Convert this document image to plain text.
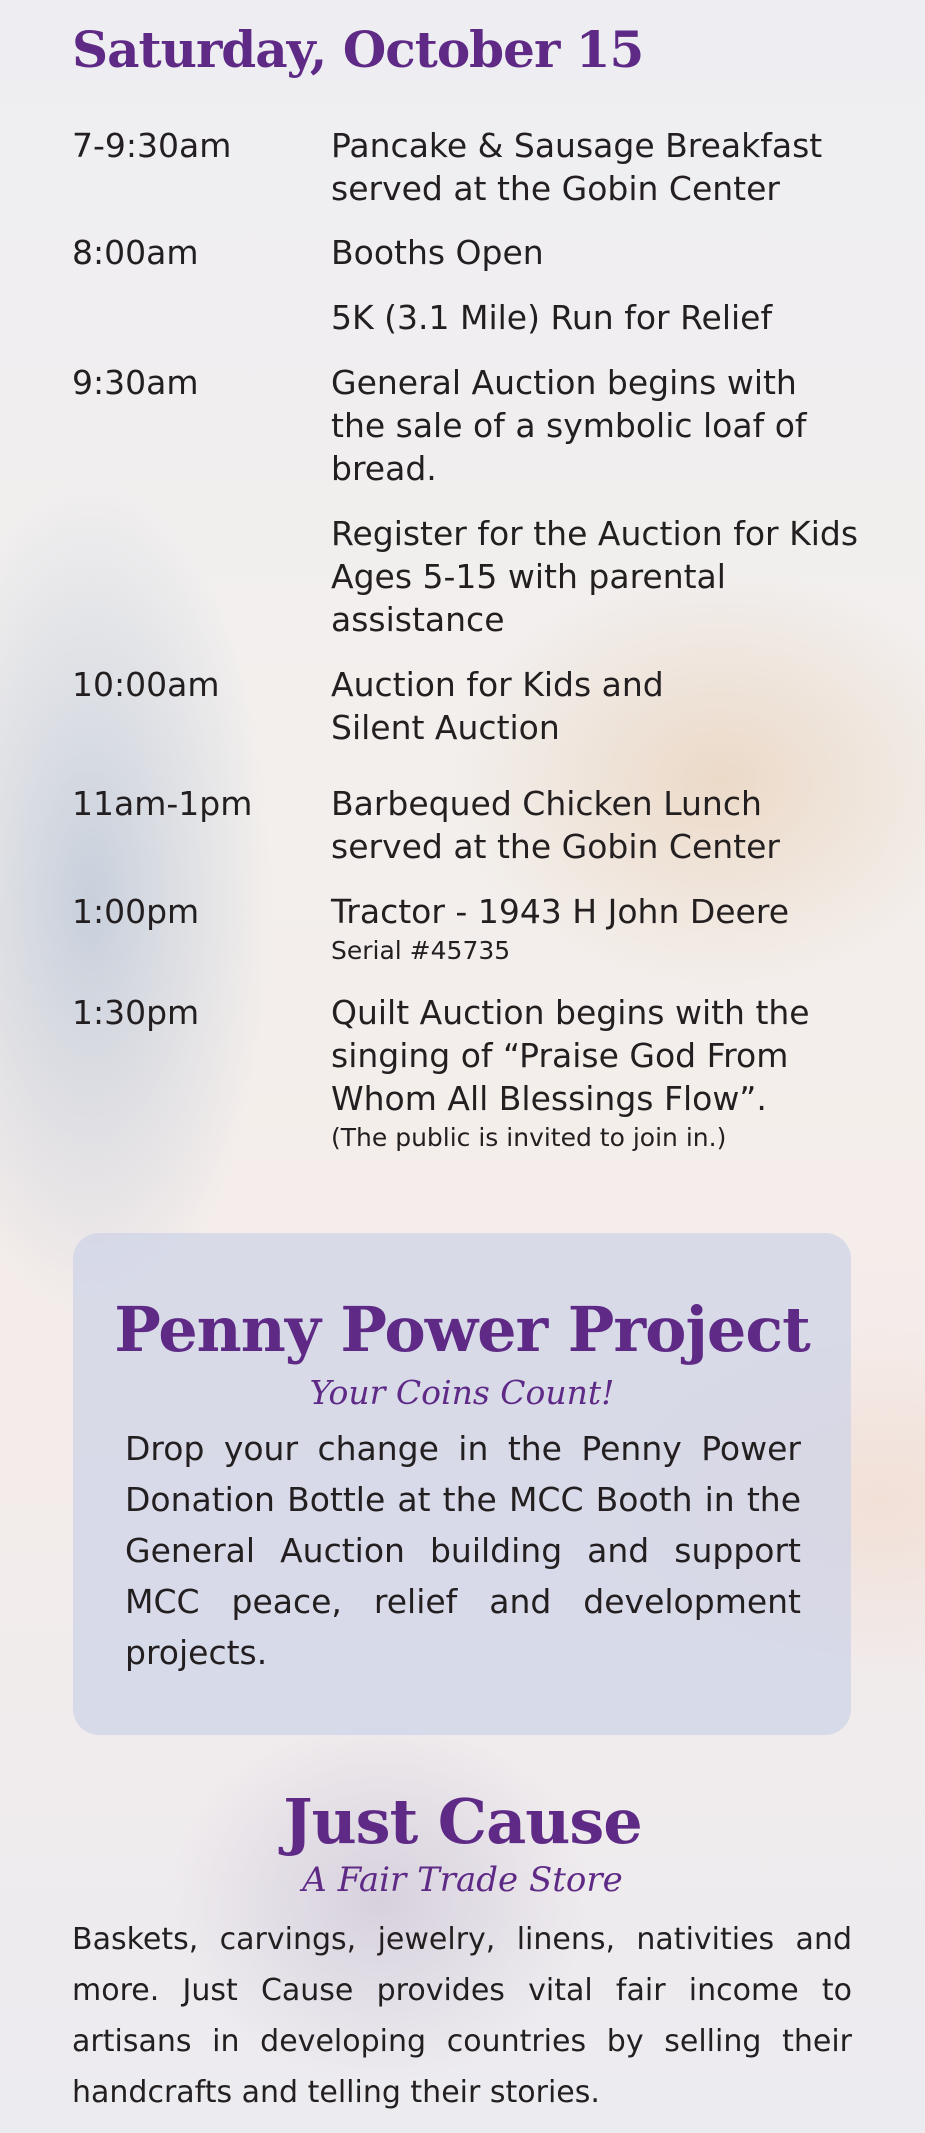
Saturday, October 15
7-9:30am	Pancake & Sausage Breakfast
served at the Gobin Center
8:00am	Booths Open
5K (3.1 Mile) Run for Relief
9:30am	General Auction begins with
the sale of a symbolic loaf of
bread.
Register for the Auction for Kids
Ages 5-15 with parental
assistance
10:00am	Auction for Kids and
Silent Auction
11am-1pm	Barbequed Chicken Lunch
served at the Gobin Center
1:00pm	Tractor - 1943 H John Deere
Serial #45735
1:30pm	Quilt Auction begins with the
singing of “Praise God From
Whom All Blessings Flow”.
(The public is invited to join in.)
Penny Power Project
Your Coins Count!
Drop your change in the Penny Power Donation Bottle at the MCC Booth in the General Auction building and support MCC peace, relief and development projects.
Just Cause
A Fair Trade Store
Baskets, carvings, jewelry, linens, nativities and more. Just Cause provides vital fair income to artisans in developing countries by selling their handcrafts and telling their stories.
